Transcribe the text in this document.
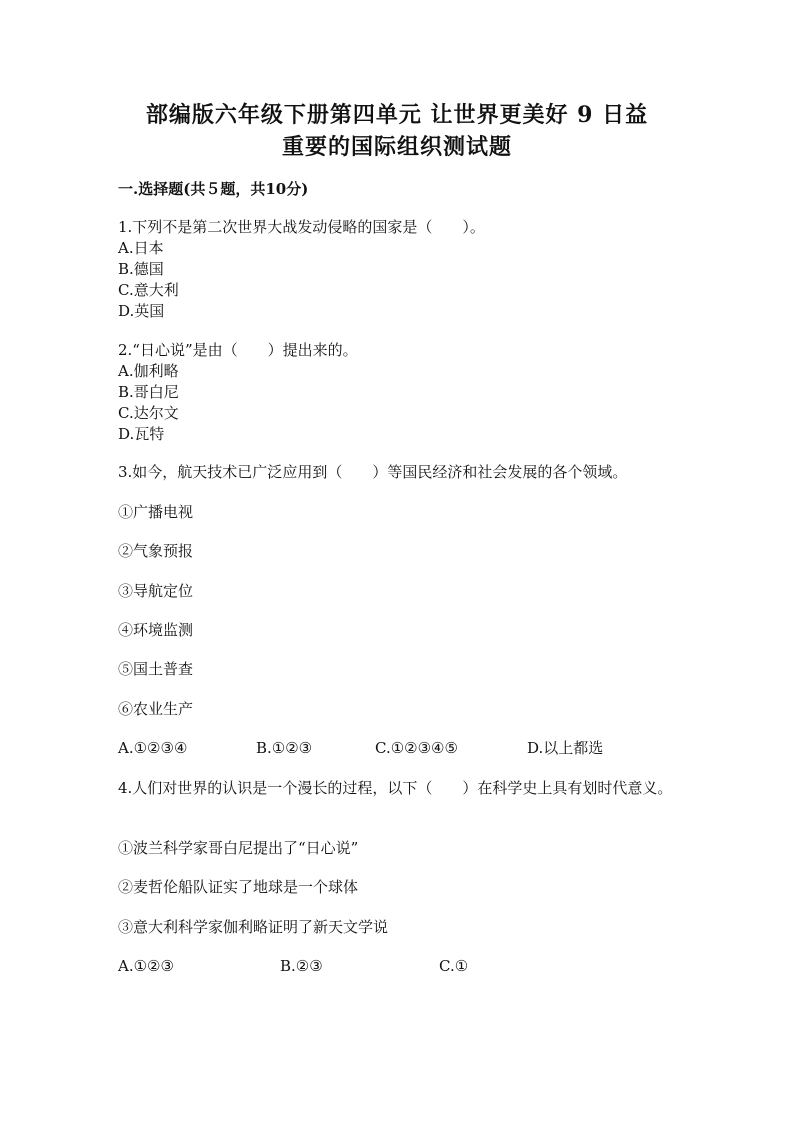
部编版六年级下册第四单元 让世界更美好 9 日益
重要的国际组织测试题

一.选择题(共５题，共10分)

1.下列不是第二次世界大战发动侵略的国家是（　　）。

A.日本
B.德国
C.意大利
D.英国

2.“日心说”是由（　　）提出来的。

A.伽利略
B.哥白尼
C.达尔文
D.瓦特

3.如今，航天技术已广泛应用到（　　）等国民经济和社会发展的各个领域。

①广播电视
②气象预报
③导航定位
④环境监测
⑤国土普查
⑥农业生产
A.①②③④	B.①②③	C.①②③④⑤	D.以上都选

4.人们对世界的认识是一个漫长的过程，以下（　　）在科学史上具有划时代意义。

①波兰科学家哥白尼提出了“日心说”
②麦哲伦船队证实了地球是一个球体
③意大利科学家伽利略证明了新天文学说
A.①②③	B.②③	C.①
